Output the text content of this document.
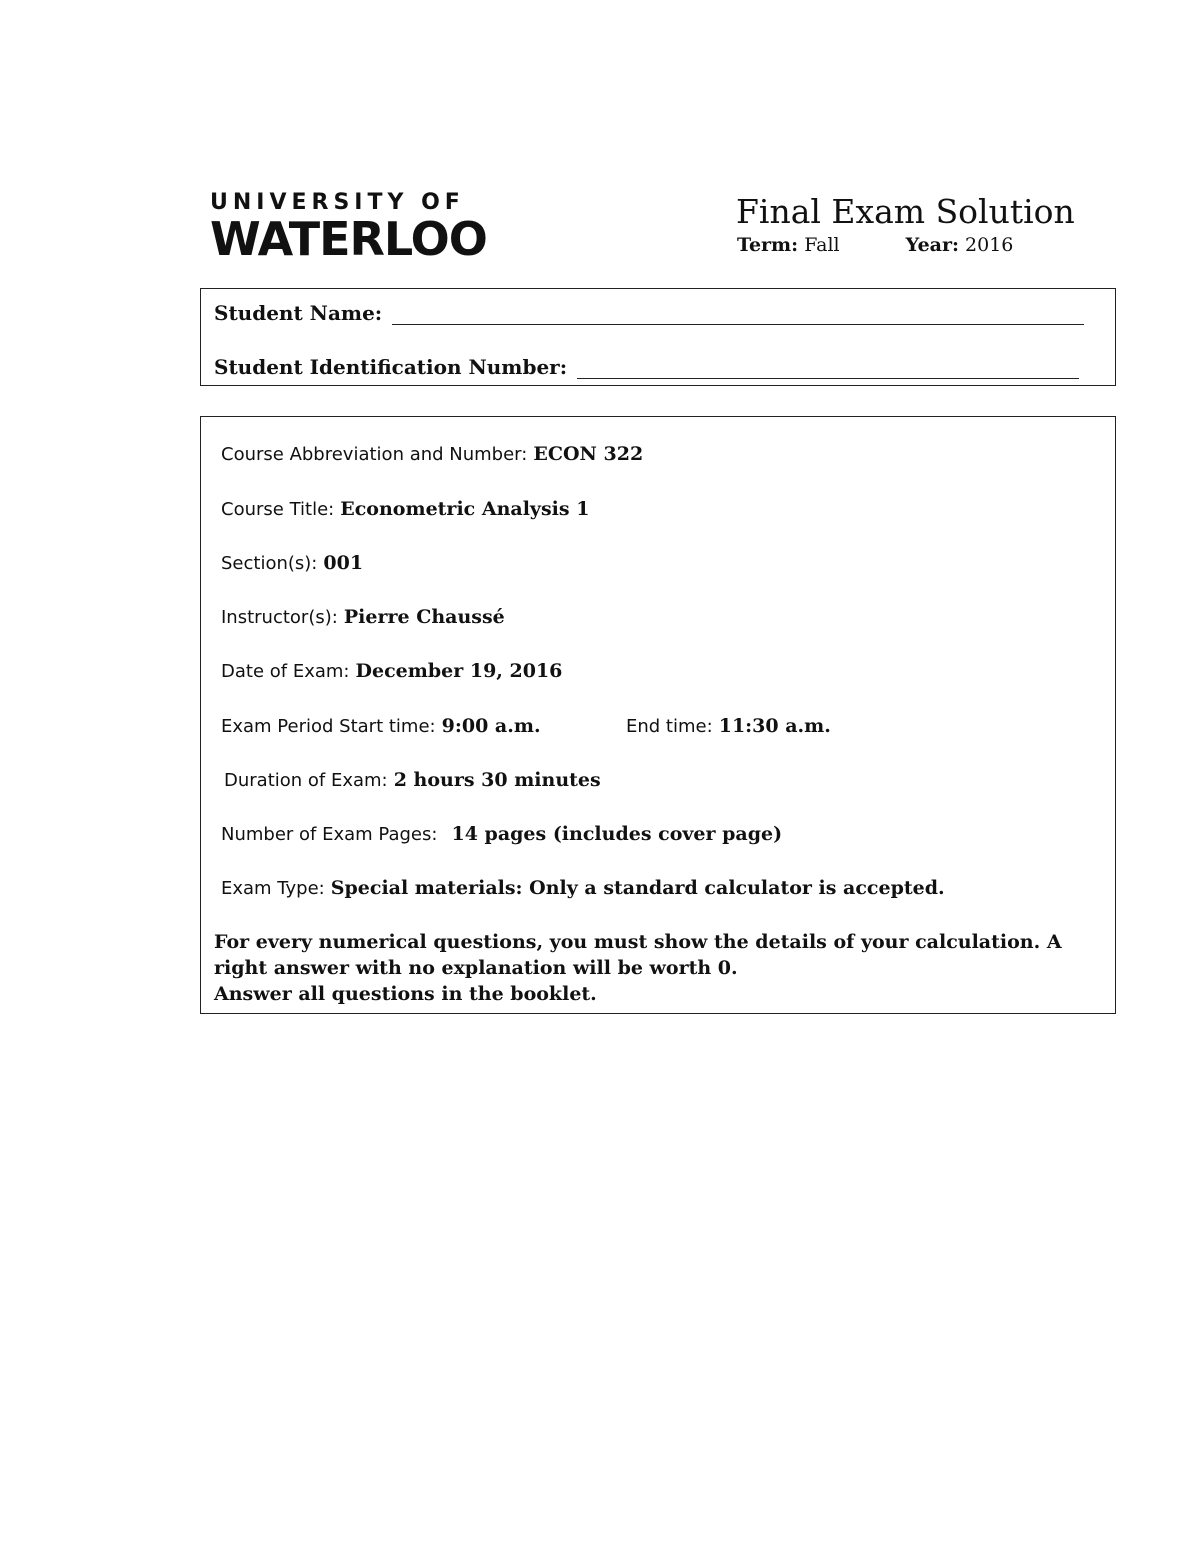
UNIVERSITY OF
WATERLOO
Final Exam Solution
Term: Fall	Year: 2016
Student Name:
Student Identification Number:
Course Abbreviation and Number: ECON 322
Course Title: Econometric Analysis 1
Section(s): 001
Instructor(s): Pierre Chaussé
Date of Exam: December 19, 2016
Exam Period Start time: 9:00 a.m.	End time: 11:30 a.m.
Duration of Exam: 2 hours 30 minutes
Number of Exam Pages: 14 pages (includes cover page)
Exam Type: Special materials: Only a standard calculator is accepted.

For every numerical questions, you must show the details of your calculation. A right answer with no explanation will be worth 0.

Answer all questions in the booklet.
